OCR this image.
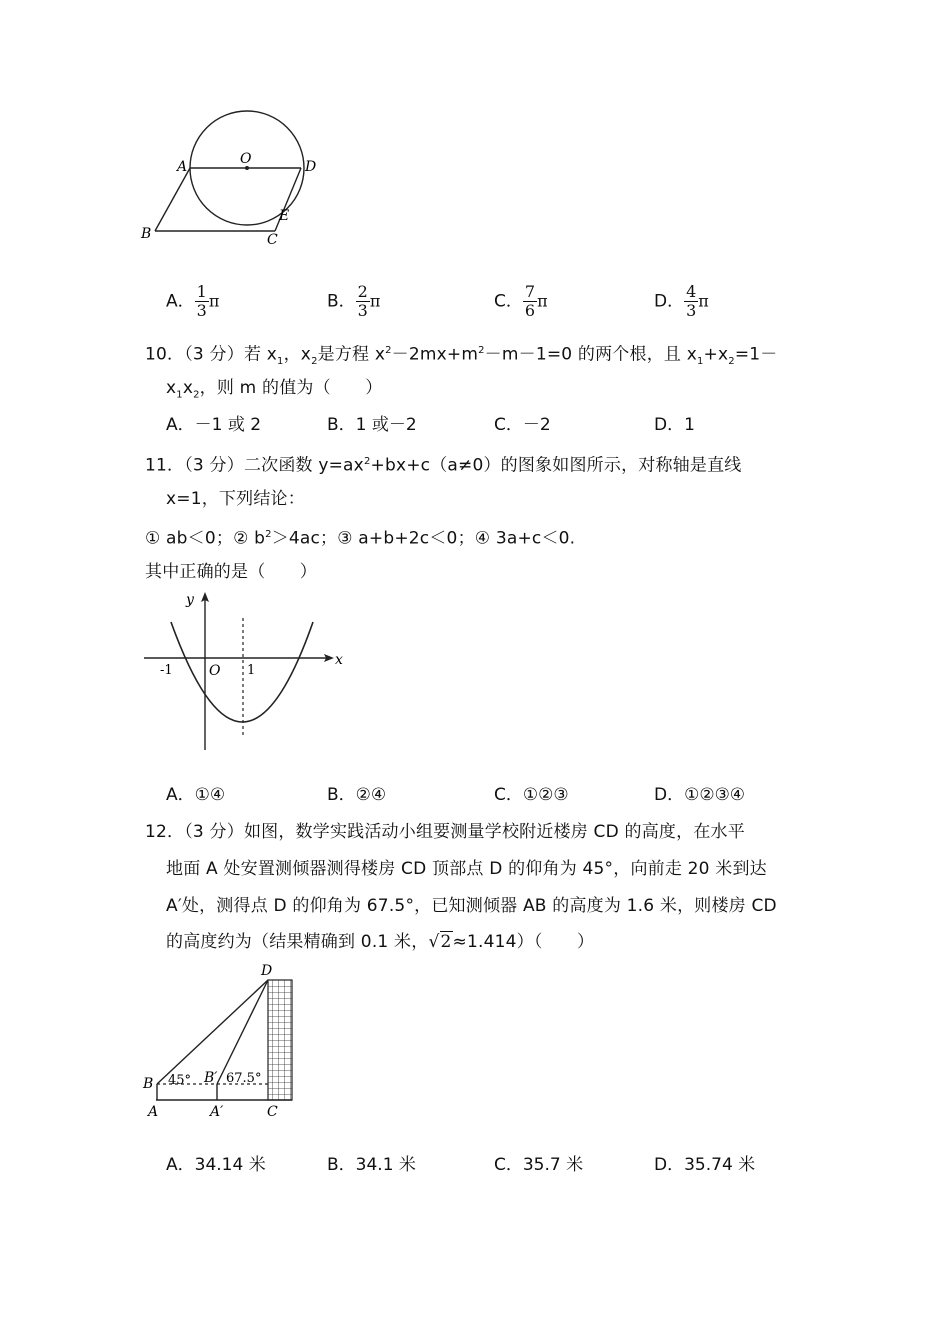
A	O	D
B	C
E
A． $\frac{1}{3}$ π	B． $\frac{2}{3}$ π	C． $\frac{7}{6}$ π	D． $\frac{4}{3}$ π
10．（3 分）若 $x_1$，$x_2$是方程 $x^2-2mx+m^2-m-1=0$ 的两个根，且 $x_1+x_2=1-$
$x_1x_2$，则 m 的值为（　　）
A．－1 或 2	B．1 或－2	C．－2	D．1
11．（3 分）二次函数 $y=ax^2+bx+c(a\ne 0)$的图象如图所示，对称轴是直线
x=1，下列结论：
① ab＜0；② $b^2>4ac$；③ a+b+2c＜0；④ 3a+c＜0.
其中正确的是（　　）
y
x
-1	O 1
A．①④	B．②④	C．①②③	D．①②③④
12．（3 分）如图，数学实践活动小组要测量学校附近楼房 CD 的高度，在水平
地面 A 处安置测倾器测得楼房 CD 顶部点 D 的仰角为 45°，向前走 20 米到达
A′处，测得点 D 的仰角为 67.5°，已知测倾器 AB 的高度为 1.6 米，则楼房 CD
的高度约为（结果精确到 0.1 米，√2≈1.414）（　　）
D
B 45° B′ 67.5°
A	A′	C
A．34.14 米	B．34.1 米	C．35.7 米	D．35.74 米
